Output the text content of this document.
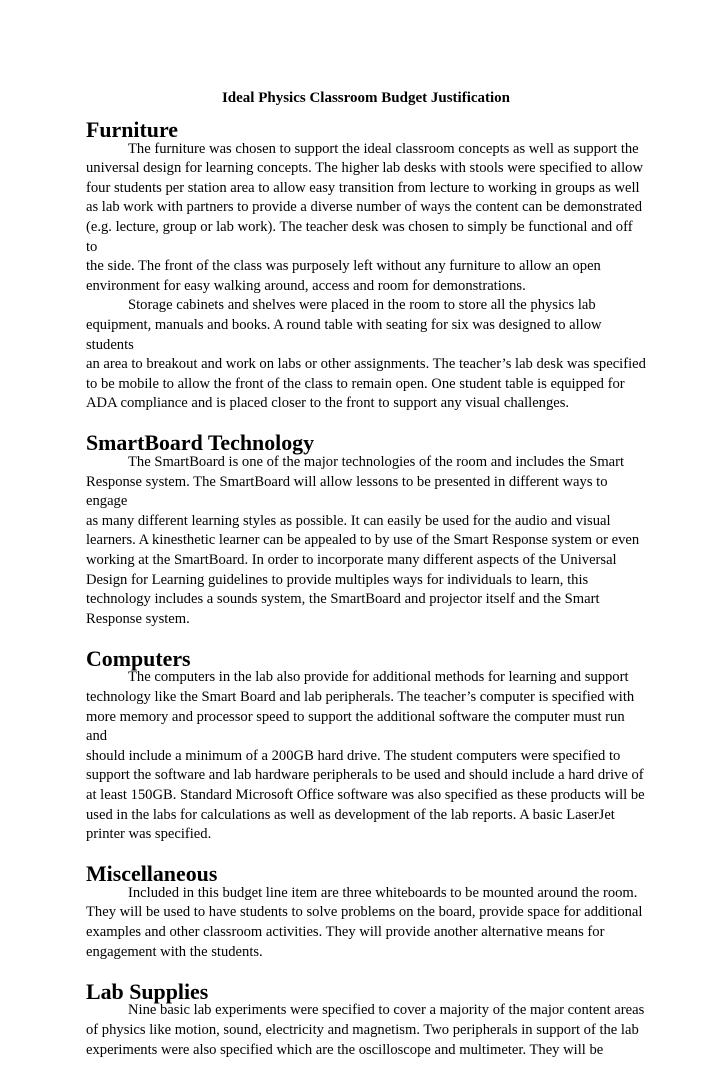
Ideal Physics Classroom Budget Justification
Furniture

The furniture was chosen to support the ideal classroom concepts as well as support the
universal design for learning concepts. The higher lab desks with stools were specified to allow
four students per station area to allow easy transition from lecture to working in groups as well
as lab work with partners to provide a diverse number of ways the content can be demonstrated
(e.g. lecture, group or lab work). The teacher desk was chosen to simply be functional and off to
the side. The front of the class was purposely left without any furniture to allow an open
environment for easy walking around, access and room for demonstrations.

Storage cabinets and shelves were placed in the room to store all the physics lab
equipment, manuals and books. A round table with seating for six was designed to allow students
an area to breakout and work on labs or other assignments. The teacher’s lab desk was specified
to be mobile to allow the front of the class to remain open. One student table is equipped for
ADA compliance and is placed closer to the front to support any visual challenges.

SmartBoard Technology

The SmartBoard is one of the major technologies of the room and includes the Smart
Response system. The SmartBoard will allow lessons to be presented in different ways to engage
as many different learning styles as possible. It can easily be used for the audio and visual
learners. A kinesthetic learner can be appealed to by use of the Smart Response system or even
working at the SmartBoard. In order to incorporate many different aspects of the Universal
Design for Learning guidelines to provide multiples ways for individuals to learn, this
technology includes a sounds system, the SmartBoard and projector itself and the Smart
Response system.

Computers

The computers in the lab also provide for additional methods for learning and support
technology like the Smart Board and lab peripherals. The teacher’s computer is specified with
more memory and processor speed to support the additional software the computer must run and
should include a minimum of a 200GB hard drive. The student computers were specified to
support the software and lab hardware peripherals to be used and should include a hard drive of
at least 150GB. Standard Microsoft Office software was also specified as these products will be
used in the labs for calculations as well as development of the lab reports. A basic LaserJet
printer was specified.

Miscellaneous

Included in this budget line item are three whiteboards to be mounted around the room.
They will be used to have students to solve problems on the board, provide space for additional
examples and other classroom activities. They will provide another alternative means for
engagement with the students.

Lab Supplies

Nine basic lab experiments were specified to cover a majority of the major content areas
of physics like motion, sound, electricity and magnetism. Two peripherals in support of the lab
experiments were also specified which are the oscilloscope and multimeter. They will be
